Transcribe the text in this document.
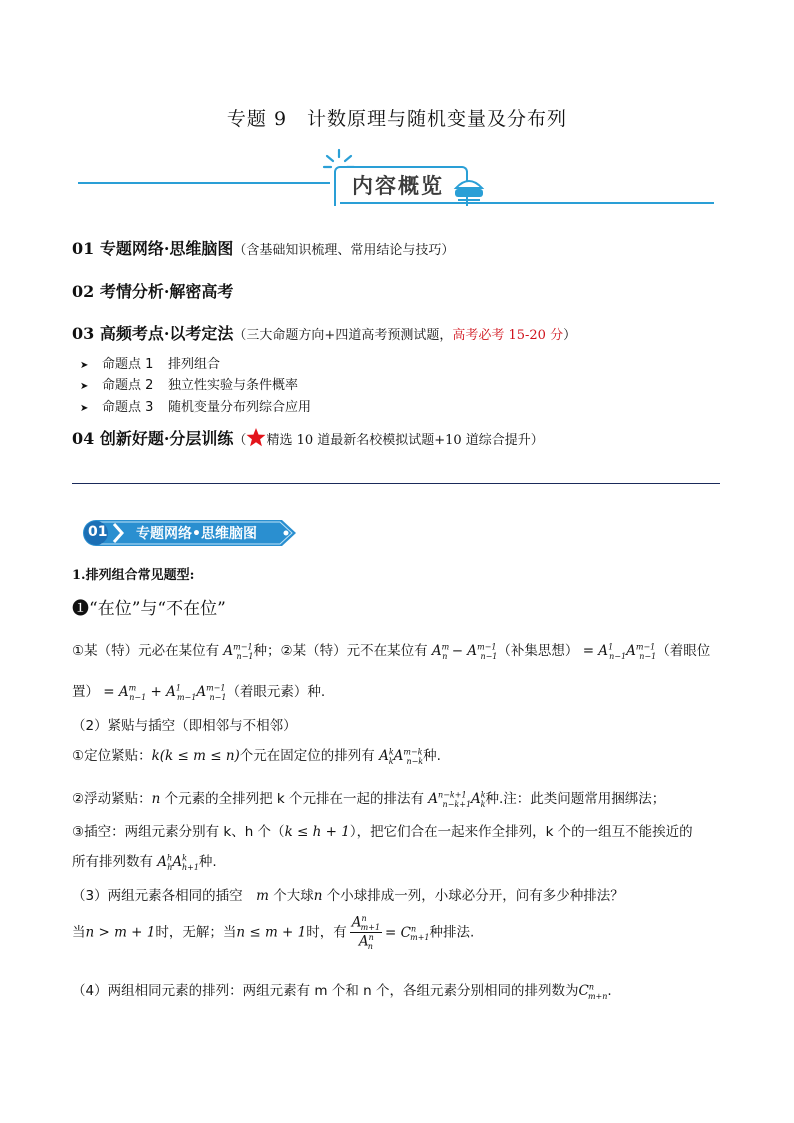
专题 9　计数原理与随机变量及分布列
内容概览
01 专题网络·思维脑图（含基础知识梳理、常用结论与技巧）
02 考情分析·解密高考
03 高频考点·以考定法（三大命题方向+四道高考预测试题，高考必考 15-20 分）
➤ 命题点 1 排列组合
➤ 命题点 2 独立性实验与条件概率
➤ 命题点 3 随机变量分布列综合应用
04 创新好题·分层训练（ 精选 10 道最新名校模拟试题+10 道综合提升）
01 专题网络•思维脑图
1.排列组合常见题型:
❶“在位”与“不在位”
①某（特）元必在某位有 $A^{m-1}_{n-1}$种；②某（特）元不在某位有 $A^m_n - A^{m-1}_{n-1}$（补集思想） = $A^1_{n-1}A^{m-1}_{n-1}$（着眼位
置） = $A^m_{n-1} + A^1_{m-1}A^{m-1}_{n-1}$（着眼元素）种.
（2）紧贴与插空（即相邻与不相邻）
①定位紧贴：k(k ≤ m ≤ n)个元在固定位的排列有 $A^k_kA^{m-k}_{n-k}$种.
②浮动紧贴：n 个元素的全排列把 k 个元排在一起的排法有 $A^{n-k+1}_{n-k+1}A^k_k$种.注：此类问题常用捆绑法；
③插空：两组元素分别有 k、h 个（k ≤ h + 1），把它们合在一起来作全排列，k 个的一组互不能挨近的
所有排列数有 $A^h_hA^k_{h+1}$种.
（3）两组元素各相同的插空　m 个大球n 个小球排成一列，小球必分开，问有多少种排法？
当n > m + 1时，无解；当n ≤ m + 1时，有 $\frac{A^n_{m+1}}{A^n_n} = C^n_{m+1}$种排法.
（4）两组相同元素的排列：两组元素有 m 个和 n 个，各组元素分别相同的排列数为$C^n_{m+n}$.
